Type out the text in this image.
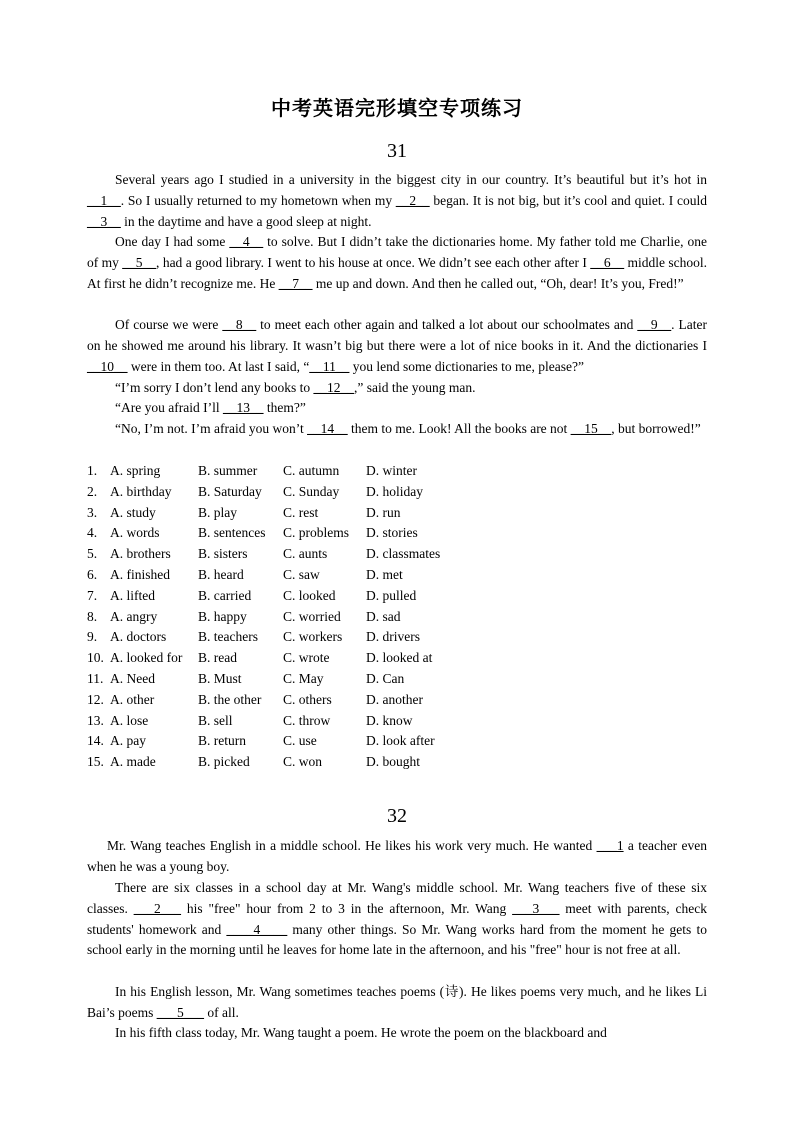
中考英语完形填空专项练习
31

Several years ago I studied in a university in the biggest city in our country. It’s beautiful but it’s hot in __1__. So I usually returned to my hometown when my __2__ began. It is not big, but it’s cool and quiet. I could __3__ in the daytime and have a good sleep at night.

One day I had some __4__ to solve. But I didn’t take the dictionaries home. My father told me Charlie, one of my __5__, had a good library. I went to his house at once. We didn’t see each other after I __6__ middle school. At first he didn’t recognize me. He __7__ me up and down. And then he called out, “Oh, dear! It’s you, Fred!”

Of course we were __8__ to meet each other again and talked a lot about our schoolmates and __9__. Later on he showed me around his library. It wasn’t big but there were a lot of nice books in it. And the dictionaries I __10__ were in them too. At last I said, “__11__ you lend some dictionaries to me, please?”

“I’m sorry I don’t lend any books to __12__,” said the young man.

“Are you afraid I’ll __13__ them?”

“No, I’m not. I’m afraid you won’t __14__ them to me. Look! All the books are not __15__, but borrowed!”

1. A. spring	B. summer	C. autumn	D. winter
2. A. birthday	B. Saturday	C. Sunday	D. holiday
3. A. study	B. play	C. rest	D. run
4. A. words	B. sentences	C. problems	D. stories
5. A. brothers	B. sisters	C. aunts	D. classmates
6. A. finished	B. heard	C. saw	D. met
7. A. lifted	B. carried	C. looked	D. pulled
8. A. angry	B. happy	C. worried	D. sad
9. A. doctors	B. teachers	C. workers	D. drivers
10. A. looked for	B. read	C. wrote	D. looked at
11. A. Need	B. Must	C. May	D. Can
12. A. other	B. the other	C. others	D. another
13. A. lose	B. sell	C. throw	D. know
14. A. pay	B. return	C. use	D. look after
15. A. made	B. picked	C. won	D. bought
32

Mr. Wang teaches English in a middle school. He likes his work very much. He wanted ___1 a teacher even when he was a young boy.

There are six classes in a school day at Mr. Wang's middle school. Mr. Wang teachers five of these six classes. ___2___ his "free" hour from 2 to 3 in the afternoon, Mr. Wang ___3___ meet with parents, check students' homework and ____4____ many other things. So Mr. Wang works hard from the moment he gets to school early in the morning until he leaves for home late in the afternoon, and his "free" hour is not free at all.

In his English lesson, Mr. Wang sometimes teaches poems (诗). He likes poems very much, and he likes Li Bai’s poems ___5___ of all.

In his fifth class today, Mr. Wang taught a poem. He wrote the poem on the blackboard and
